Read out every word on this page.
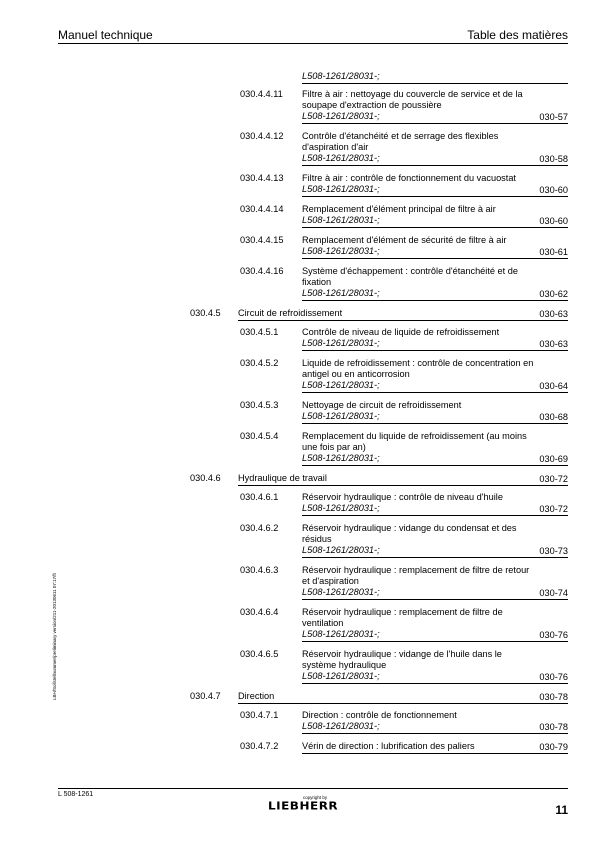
Manuel technique	Table des matières
L508-1261/28031-;
030.4.4.11 Filtre à air : nettoyage du couvercle de service et de la soupape d'extraction de poussière
L508-1261/28031-;	030-57
030.4.4.12 Contrôle d'étanchéité et de serrage des flexibles d'aspiration d'air
L508-1261/28031-;	030-58
030.4.4.13 Filtre à air : contrôle de fonctionnement du vacuostat
L508-1261/28031-;	030-60
030.4.4.14 Remplacement d'élément principal de filtre à air
L508-1261/28031-;	030-60
030.4.4.15 Remplacement d'élément de sécurité de filtre à air
L508-1261/28031-;	030-61
030.4.4.16 Système d'échappement : contrôle d'étanchéité et de fixation
L508-1261/28031-;	030-62
030.4.5 Circuit de refroidissement	030-63
030.4.5.1	Contrôle de niveau de liquide de refroidissement
L508-1261/28031-;	030-63
030.4.5.2	Liquide de refroidissement : contrôle de concentration en antigel ou en anticorrosion
L508-1261/28031-;	030-64
030.4.5.3	Nettoyage de circuit de refroidissement
L508-1261/28031-;	030-68
030.4.5.4	Remplacement du liquide de refroidissement (au moins une fois par an)
L508-1261/28031-;	030-69
030.4.6 Hydraulique de travail	030-72
030.4.6.1	Réservoir hydraulique : contrôle de niveau d'huile
L508-1261/28031-;	030-72
030.4.6.2	Réservoir hydraulique : vidange du condensat et des résidus
L508-1261/28031-;	030-73
030.4.6.3	Réservoir hydraulique : remplacement de filtre de retour et d'aspiration
L508-1261/28031-;	030-74
030.4.6.4	Réservoir hydraulique : remplacement de filtre de ventilation
L508-1261/28031-;	030-76
030.4.6.5	Réservoir hydraulique : vidange de l'huile dans le système hydraulique
L508-1261/28031-;	030-76
030.4.7 Direction	030-78
030.4.7.1	Direction : contrôle de fonctionnement
L508-1261/28031-;	030-78
030.4.7.2	Vérin de direction : lubrification des paliers	030-79
LBH/Sollstellnummer/preliminary version/211-20130611 07:17/fr
L 508-1261	copyright by
LIEBHERR	11
